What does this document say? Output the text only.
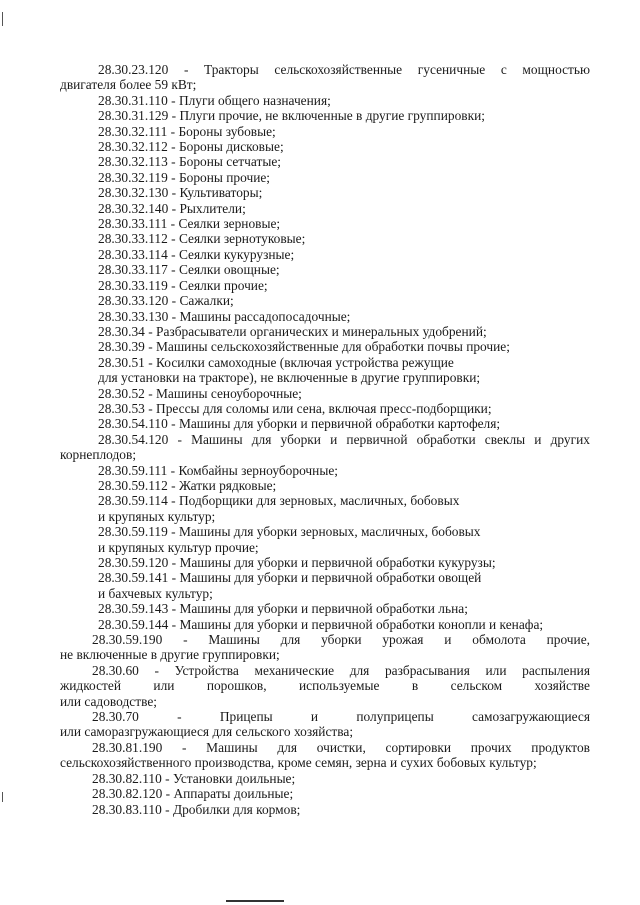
28.30.23.120 - Тракторы сельскохозяйственные гусеничные с мощностью
двигателя более 59 кВт;
28.30.31.110 - Плуги общего назначения;
28.30.31.129 - Плуги прочие, не включенные в другие группировки;
28.30.32.111 - Бороны зубовые;
28.30.32.112 - Бороны дисковые;
28.30.32.113 - Бороны сетчатые;
28.30.32.119 - Бороны прочие;
28.30.32.130 - Культиваторы;
28.30.32.140 - Рыхлители;
28.30.33.111 - Сеялки зерновые;
28.30.33.112 - Сеялки зернотуковые;
28.30.33.114 - Сеялки кукурузные;
28.30.33.117 - Сеялки овощные;
28.30.33.119 - Сеялки прочие;
28.30.33.120 - Сажалки;
28.30.33.130 - Машины рассадопосадочные;
28.30.34 - Разбрасыватели органических и минеральных удобрений;
28.30.39 - Машины сельскохозяйственные для обработки почвы прочие;
28.30.51 - Косилки самоходные (включая устройства режущие
для установки на тракторе), не включенные в другие группировки;
28.30.52 - Машины сеноуборочные;
28.30.53 - Прессы для соломы или сена, включая пресс-подборщики;
28.30.54.110 - Машины для уборки и первичной обработки картофеля;
28.30.54.120 - Машины для уборки и первичной обработки свеклы и других
корнеплодов;
28.30.59.111 - Комбайны зерноуборочные;
28.30.59.112 - Жатки рядковые;
28.30.59.114 - Подборщики для зерновых, масличных, бобовых
и крупяных культур;
28.30.59.119 - Машины для уборки зерновых, масличных, бобовых
и крупяных культур прочие;
28.30.59.120 - Машины для уборки и первичной обработки кукурузы;
28.30.59.141 - Машины для уборки и первичной обработки овощей
и бахчевых культур;
28.30.59.143 - Машины для уборки и первичной обработки льна;
28.30.59.144 - Машины для уборки и первичной обработки конопли и кенафа;
28.30.59.190 - Машины для уборки урожая и обмолота прочие,
не включенные в другие группировки;
28.30.60 - Устройства механические для разбрасывания или распыления
жидкостей или порошков, используемые в сельском хозяйстве
или садоводстве;
28.30.70 - Прицепы и полуприцепы самозагружающиеся
или саморазгружающиеся для сельского хозяйства;
28.30.81.190 - Машины для очистки, сортировки прочих продуктов
сельскохозяйственного производства, кроме семян, зерна и сухих бобовых культур;
28.30.82.110 - Установки доильные;
28.30.82.120 - Аппараты доильные;
28.30.83.110 - Дробилки для кормов;
